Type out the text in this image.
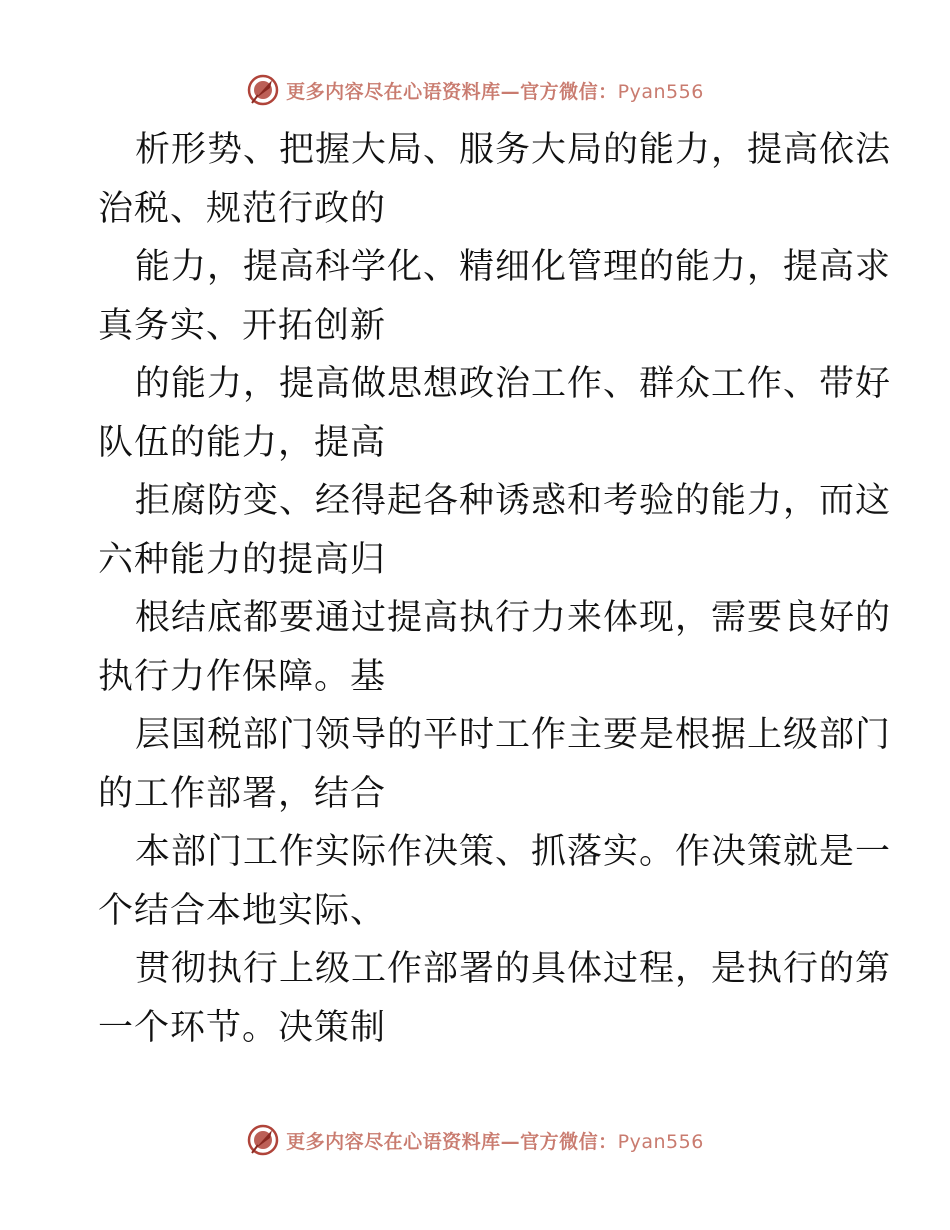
更多内容尽在心语资料库—官方微信：Pyan556
析形势、把握大局、服务大局的能力，提高依法
治税、规范行政的
能力，提高科学化、精细化管理的能力，提高求
真务实、开拓创新
的能力，提高做思想政治工作、群众工作、带好
队伍的能力，提高
拒腐防变、经得起各种诱惑和考验的能力，而这
六种能力的提高归
根结底都要通过提高执行力来体现，需要良好的
执行力作保障。基
层国税部门领导的平时工作主要是根据上级部门
的工作部署，结合
本部门工作实际作决策、抓落实。作决策就是一
个结合本地实际、
贯彻执行上级工作部署的具体过程，是执行的第
一个环节。决策制
更多内容尽在心语资料库—官方微信：Pyan556
